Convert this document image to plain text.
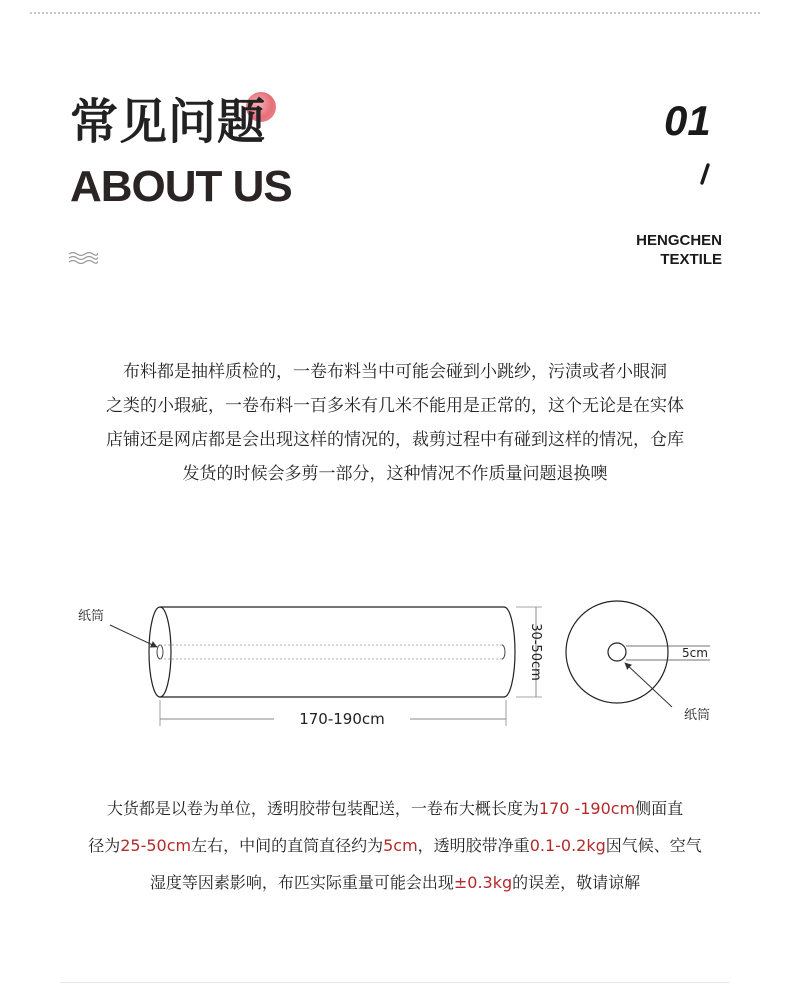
常见问题
ABOUT US
01
HENGCHEN
TEXTILE
布料都是抽样质检的，一卷布料当中可能会碰到小跳纱，污渍或者小眼洞
之类的小瑕疵，一卷布料一百多米有几米不能用是正常的，这个无论是在实体
店铺还是网店都是会出现这样的情况的，裁剪过程中有碰到这样的情况，仓库
发货的时候会多剪一部分，这种情况不作质量问题退换噢
纸筒
170-190cm
30-50cm	5cm
纸筒
大货都是以卷为单位，透明胶带包装配送，一卷布大概长度为170 -190cm侧面直
径为25-50cm左右，中间的直筒直径约为5cm，透明胶带净重0.1-0.2kg因气候、空气
湿度等因素影响，布匹实际重量可能会出现±0.3kg的误差，敬请谅解
